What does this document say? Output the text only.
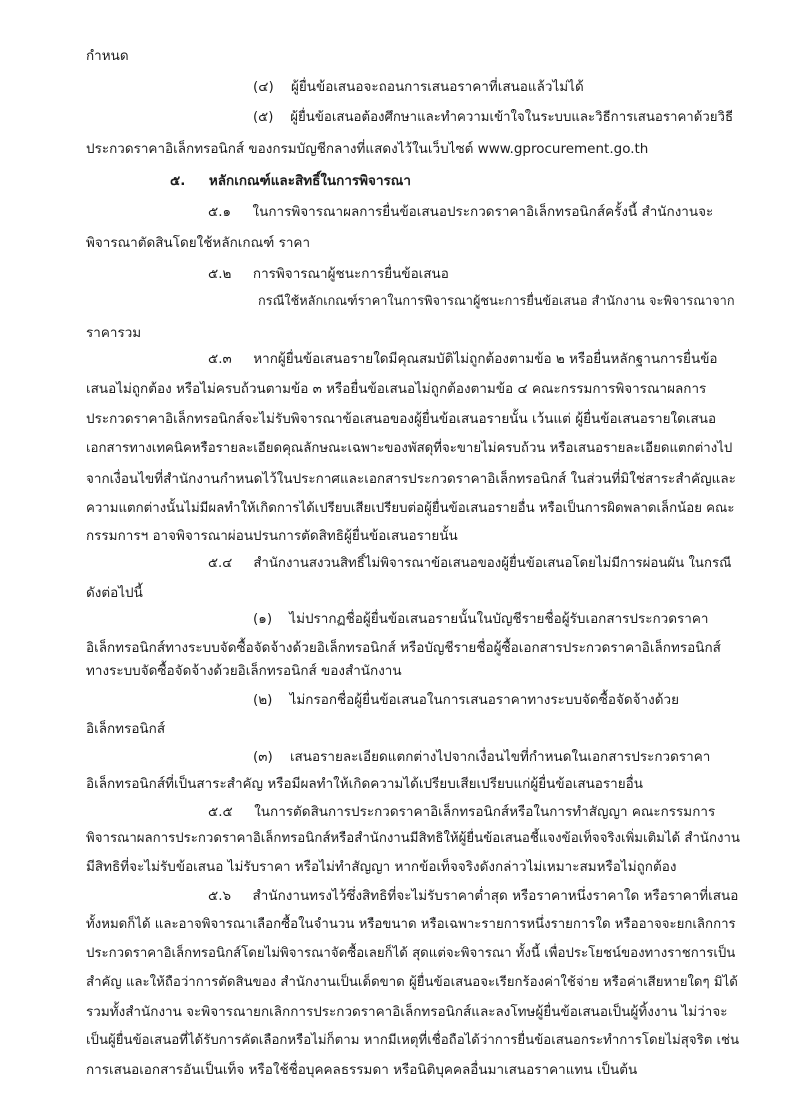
กำหนด
(๔) ผู้ยื่นข้อเสนอจะถอนการเสนอราคาที่เสนอแล้วไม่ได้
(๕) ผู้ยื่นข้อเสนอต้องศึกษาและทำความเข้าใจในระบบและวิธีการเสนอราคาด้วยวิธี
ประกวดราคาอิเล็กทรอนิกส์ ของกรมบัญชีกลางที่แสดงไว้ในเว็บไซต์ www.gprocurement.go.th
๕. หลักเกณฑ์และสิทธิ์ในการพิจารณา
๕.๑ ในการพิจารณาผลการยื่นข้อเสนอประกวดราคาอิเล็กทรอนิกส์ครั้งนี้ สำนักงานจะ
พิจารณาตัดสินโดยใช้หลักเกณฑ์ ราคา
๕.๒ การพิจารณาผู้ชนะการยื่นข้อเสนอ
กรณีใช้หลักเกณฑ์ราคาในการพิจารณาผู้ชนะการยื่นข้อเสนอ สำนักงาน จะพิจารณาจาก
ราคารวม
๕.๓ หากผู้ยื่นข้อเสนอรายใดมีคุณสมบัติไม่ถูกต้องตามข้อ ๒ หรือยื่นหลักฐานการยื่นข้อ
เสนอไม่ถูกต้อง หรือไม่ครบถ้วนตามข้อ ๓ หรือยื่นข้อเสนอไม่ถูกต้องตามข้อ ๔ คณะกรรมการพิจารณาผลการ
ประกวดราคาอิเล็กทรอนิกส์จะไม่รับพิจารณาข้อเสนอของผู้ยื่นข้อเสนอรายนั้น เว้นแต่ ผู้ยื่นข้อเสนอรายใดเสนอ
เอกสารทางเทคนิคหรือรายละเอียดคุณลักษณะเฉพาะของพัสดุที่จะขายไม่ครบถ้วน หรือเสนอรายละเอียดแตกต่างไป
จากเงื่อนไขที่สำนักงานกำหนดไว้ในประกาศและเอกสารประกวดราคาอิเล็กทรอนิกส์ ในส่วนที่มิใช่สาระสำคัญและ
ความแตกต่างนั้นไม่มีผลทำให้เกิดการได้เปรียบเสียเปรียบต่อผู้ยื่นข้อเสนอรายอื่น หรือเป็นการผิดพลาดเล็กน้อย คณะ
กรรมการฯ อาจพิจารณาผ่อนปรนการตัดสิทธิผู้ยื่นข้อเสนอรายนั้น
๕.๔ สำนักงานสงวนสิทธิ์ไม่พิจารณาข้อเสนอของผู้ยื่นข้อเสนอโดยไม่มีการผ่อนผัน ในกรณี
ดังต่อไปนี้
(๑) ไม่ปรากฏชื่อผู้ยื่นข้อเสนอรายนั้นในบัญชีรายชื่อผู้รับเอกสารประกวดราคา
อิเล็กทรอนิกส์ทางระบบจัดซื้อจัดจ้างด้วยอิเล็กทรอนิกส์ หรือบัญชีรายชื่อผู้ซื้อเอกสารประกวดราคาอิเล็กทรอนิกส์
ทางระบบจัดซื้อจัดจ้างด้วยอิเล็กทรอนิกส์ ของสำนักงาน
(๒) ไม่กรอกชื่อผู้ยื่นข้อเสนอในการเสนอราคาทางระบบจัดซื้อจัดจ้างด้วย
อิเล็กทรอนิกส์
(๓) เสนอรายละเอียดแตกต่างไปจากเงื่อนไขที่กำหนดในเอกสารประกวดราคา
อิเล็กทรอนิกส์ที่เป็นสาระสำคัญ หรือมีผลทำให้เกิดความได้เปรียบเสียเปรียบแก่ผู้ยื่นข้อเสนอรายอื่น
๕.๕ ในการตัดสินการประกวดราคาอิเล็กทรอนิกส์หรือในการทำสัญญา คณะกรรมการ
พิจารณาผลการประกวดราคาอิเล็กทรอนิกส์หรือสำนักงานมีสิทธิให้ผู้ยื่นข้อเสนอชี้แจงข้อเท็จจริงเพิ่มเติมได้ สำนักงาน
มีสิทธิที่จะไม่รับข้อเสนอ ไม่รับราคา หรือไม่ทำสัญญา หากข้อเท็จจริงดังกล่าวไม่เหมาะสมหรือไม่ถูกต้อง
๕.๖ สำนักงานทรงไว้ซึ่งสิทธิที่จะไม่รับราคาต่ำสุด หรือราคาหนึ่งราคาใด หรือราคาที่เสนอ
ทั้งหมดก็ได้ และอาจพิจารณาเลือกซื้อในจำนวน หรือขนาด หรือเฉพาะรายการหนึ่งรายการใด หรืออาจจะยกเลิกการ
ประกวดราคาอิเล็กทรอนิกส์โดยไม่พิจารณาจัดซื้อเลยก็ได้ สุดแต่จะพิจารณา ทั้งนี้ เพื่อประโยชน์ของทางราชการเป็น
สำคัญ และให้ถือว่าการตัดสินของ สำนักงานเป็นเด็ดขาด ผู้ยื่นข้อเสนอจะเรียกร้องค่าใช้จ่าย หรือค่าเสียหายใดๆ มิได้
รวมทั้งสำนักงาน จะพิจารณายกเลิกการประกวดราคาอิเล็กทรอนิกส์และลงโทษผู้ยื่นข้อเสนอเป็นผู้ทิ้งงาน ไม่ว่าจะ
เป็นผู้ยื่นข้อเสนอที่ได้รับการคัดเลือกหรือไม่ก็ตาม หากมีเหตุที่เชื่อถือได้ว่าการยื่นข้อเสนอกระทำการโดยไม่สุจริต เช่น
การเสนอเอกสารอันเป็นเท็จ หรือใช้ชื่อบุคคลธรรมดา หรือนิติบุคคลอื่นมาเสนอราคาแทน เป็นต้น
